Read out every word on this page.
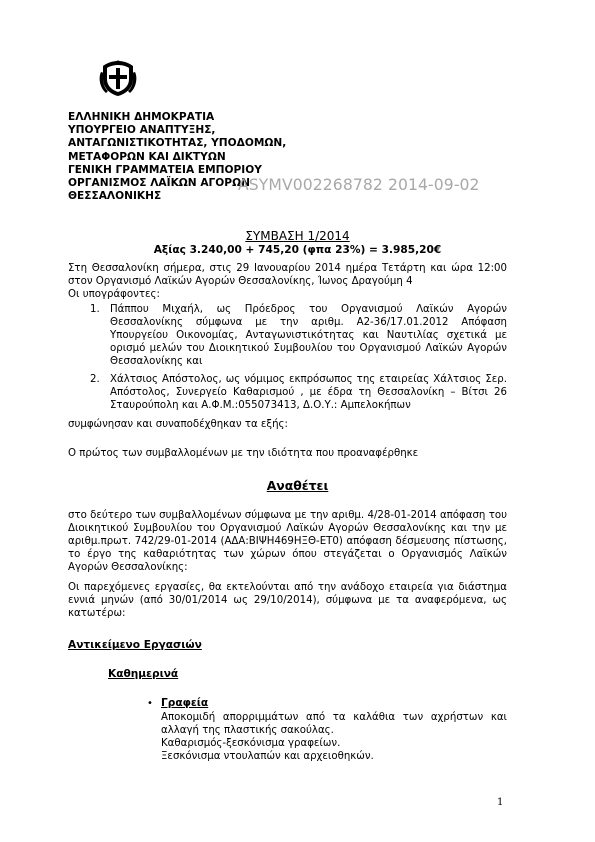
ΕΛΛΗΝΙΚΗ ΔΗΜΟΚΡΑΤΙΑ
ΥΠΟΥΡΓΕΙΟ ΑΝΑΠΤΥΞΗΣ,
ΑΝΤΑΓΩΝΙΣΤΙΚΟΤΗΤΑΣ, ΥΠΟΔΟΜΩΝ,
ΜΕΤΑΦΟΡΩΝ ΚΑΙ ΔΙΚΤΥΩΝ
ΓΕΝΙΚΗ ΓΡΑΜΜΑΤΕΙΑ ΕΜΠΟΡΙΟΥ
ΟΡΓΑΝΙΣΜΟΣ ΛΑΪΚΩΝ ΑΓΟΡΩΝ
ΘΕΣΣΑΛΟΝΙΚΗΣ
ASYMV002268782 2014-09-02
ΣΥΜΒΑΣΗ 1/2014
Αξίας 3.240,00 + 745,20 (φπα 23%) = 3.985,20€
Στη Θεσσαλονίκη σήμερα, στις 29 Ιανουαρίου 2014 ημέρα Τετάρτη και ώρα 12:00 στον Οργανισμό Λαϊκών Αγορών Θεσσαλονίκης, Ίωνος Δραγούμη 4
Οι υπογράφοντες:
1.	Πάππου Μιχαήλ, ως Πρόεδρος του Οργανισμού Λαϊκών Αγορών Θεσσαλονίκης σύμφωνα με την αριθμ. Α2-36/17.01.2012 Απόφαση Υπουργείου Οικονομίας, Ανταγωνιστικότητας και Ναυτιλίας σχετικά με ορισμό μελών του Διοικητικού Συμβουλίου του Οργανισμού Λαϊκών Αγορών Θεσσαλονίκης και
2.	Χάλτσιος Απόστολος, ως νόμιμος εκπρόσωπος της εταιρείας Χάλτσιος Σερ. Απόστολος, Συνεργείο Καθαρισμού , με έδρα τη Θεσσαλονίκη – Βίτσι 26 Σταυρούπολη και Α.Φ.Μ.:055073413, Δ.Ο.Υ.: Αμπελοκήπων
συμφώνησαν και συναποδέχθηκαν τα εξής:
Ο πρώτος των συμβαλλομένων με την ιδιότητα που προαναφέρθηκε
Αναθέτει
στο δεύτερο των συμβαλλομένων σύμφωνα με την αριθμ. 4/28-01-2014 απόφαση του Διοικητικού Συμβουλίου του Οργανισμού Λαϊκών Αγορών Θεσσαλονίκης και την με αριθμ.πρωτ. 742/29-01-2014 (ΑΔΑ:ΒΙΨΗ469ΗΞΘ-ΕΤ0) απόφαση δέσμευσης πίστωσης, το έργο της καθαριότητας των χώρων όπου στεγάζεται ο Οργανισμός Λαϊκών Αγορών Θεσσαλονίκης:
Οι παρεχόμενες εργασίες, θα εκτελούνται από την ανάδοχο εταιρεία για διάστημα εννιά μηνών (από 30/01/2014 ως 29/10/2014), σύμφωνα με τα αναφερόμενα, ως κατωτέρω:
Αντικείμενο Εργασιών
Καθημερινά
• Γραφεία
Αποκομιδή απορριμμάτων από τα καλάθια των αχρήστων και αλλαγή της πλαστικής σακούλας.
Καθαρισμός-ξεσκόνισμα γραφείων.
Ξεσκόνισμα ντουλαπών και αρχειοθηκών.
1
